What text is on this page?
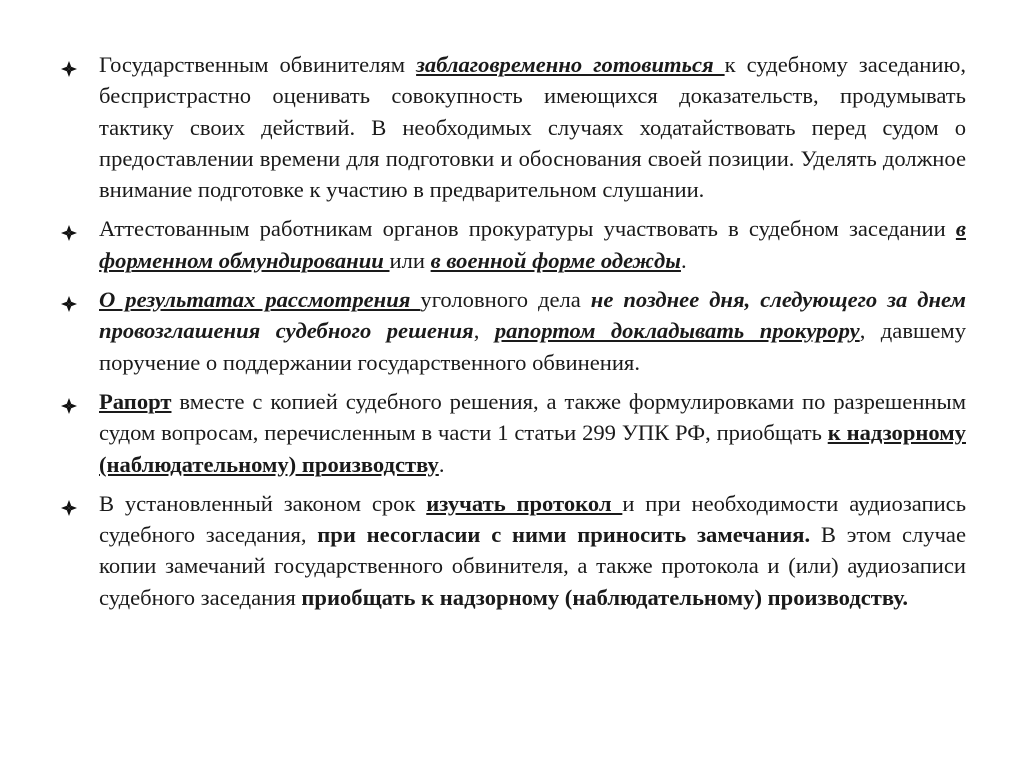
Государственным обвинителям заблаговременно готовиться к судебному заседанию, беспристрастно оценивать совокупность имеющихся доказательств, продумывать тактику своих действий. В необходимых случаях ходатайствовать перед судом о предоставлении времени для подготовки и обоснования своей позиции. Уделять должное внимание подготовке к участию в предварительном слушании.
Аттестованным работникам органов прокуратуры участвовать в судебном заседании в форменном обмундировании или в военной форме одежды.
О результатах рассмотрения уголовного дела не позднее дня, следующего за днем провозглашения судебного решения, рапортом докладывать прокурору, давшему поручение о поддержании государственного обвинения.
Рапорт вместе с копией судебного решения, а также формулировками по разрешенным судом вопросам, перечисленным в части 1 статьи 299 УПК РФ, приобщать к надзорному (наблюдательному) производству.
В установленный законом срок изучать протокол и при необходимости аудиозапись судебного заседания, при несогласии с ними приносить замечания. В этом случае копии замечаний государственного обвинителя, а также протокола и (или) аудиозаписи судебного заседания приобщать к надзорному (наблюдательному) производству.
